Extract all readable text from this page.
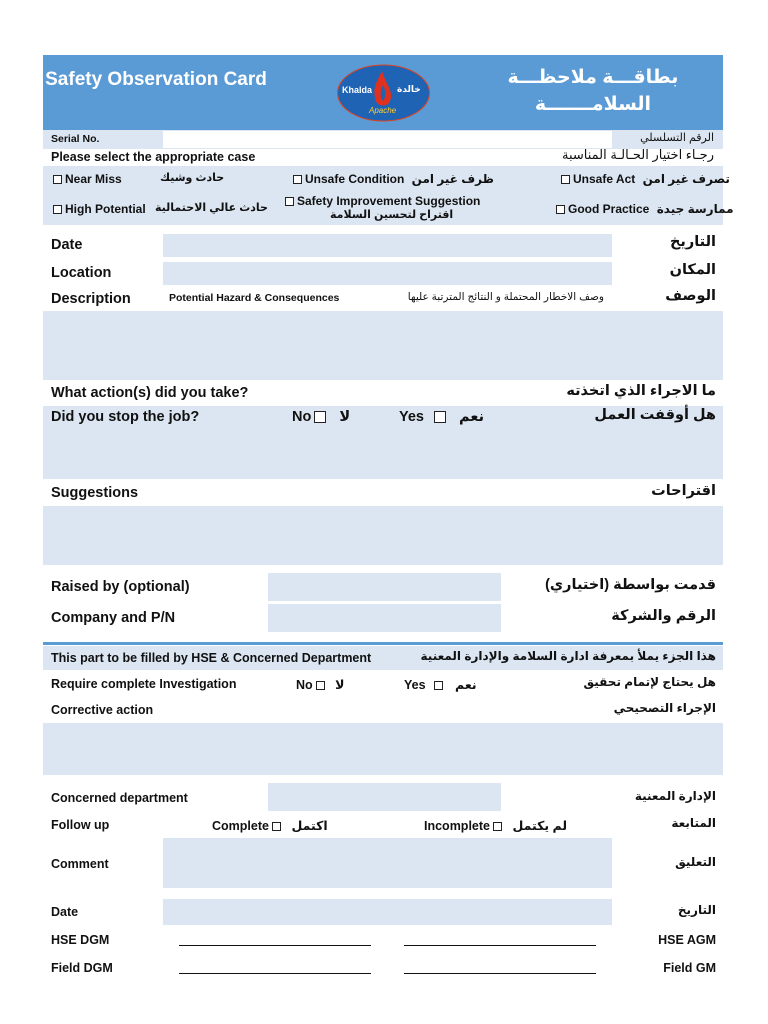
Safety Observation Card	بطاقـــة ملاحظـــة
السلامـــــــة
Khalda	خالدة
Apache
Serial No.	الرقم التسلسلي
Please select the appropriate case	رجـاء اختيار الحـالـة المناسبة
Near Miss	حادث وشيك	Unsafe Condition ظرف غير امن	Unsafe Act تصرف غير امن
High Potential حادث عالي الاحتمالية	Safety Improvement Suggestion
اقتراح لتحسين السلامة	Good Practice ممارسة جيدة
Date	التاريخ
Location	المكان
Description	Potential Hazard & Consequences	وصف الاخطار المحتملة و النتائج المترتبة عليها	الوصف
What action(s) did you take?	ما الاجراء الذي اتخذته
Did you stop the job?	No لا	Yes نعم	هل أوقفت العمل
Suggestions	اقتراحات
Raised by (optional)	قدمت بواسطة (اختياري)
Company and P/N	الرقم والشركة
This part to be filled by HSE & Concerned Department	هذا الجزء يملأ بمعرفة ادارة السلامة والإدارة المعنية
Require complete Investigation	No لا	Yes نعم	هل يحتاج لإتمام تحقيق
Corrective action	الإجراء التصحيحي
Concerned department	الإدارة المعنية
Follow up	Complete اكتمل	Incomplete لم يكتمل	المتابعة
Comment	التعليق
Date	التاريخ
HSE DGM	HSE AGM
Field DGM	Field GM
